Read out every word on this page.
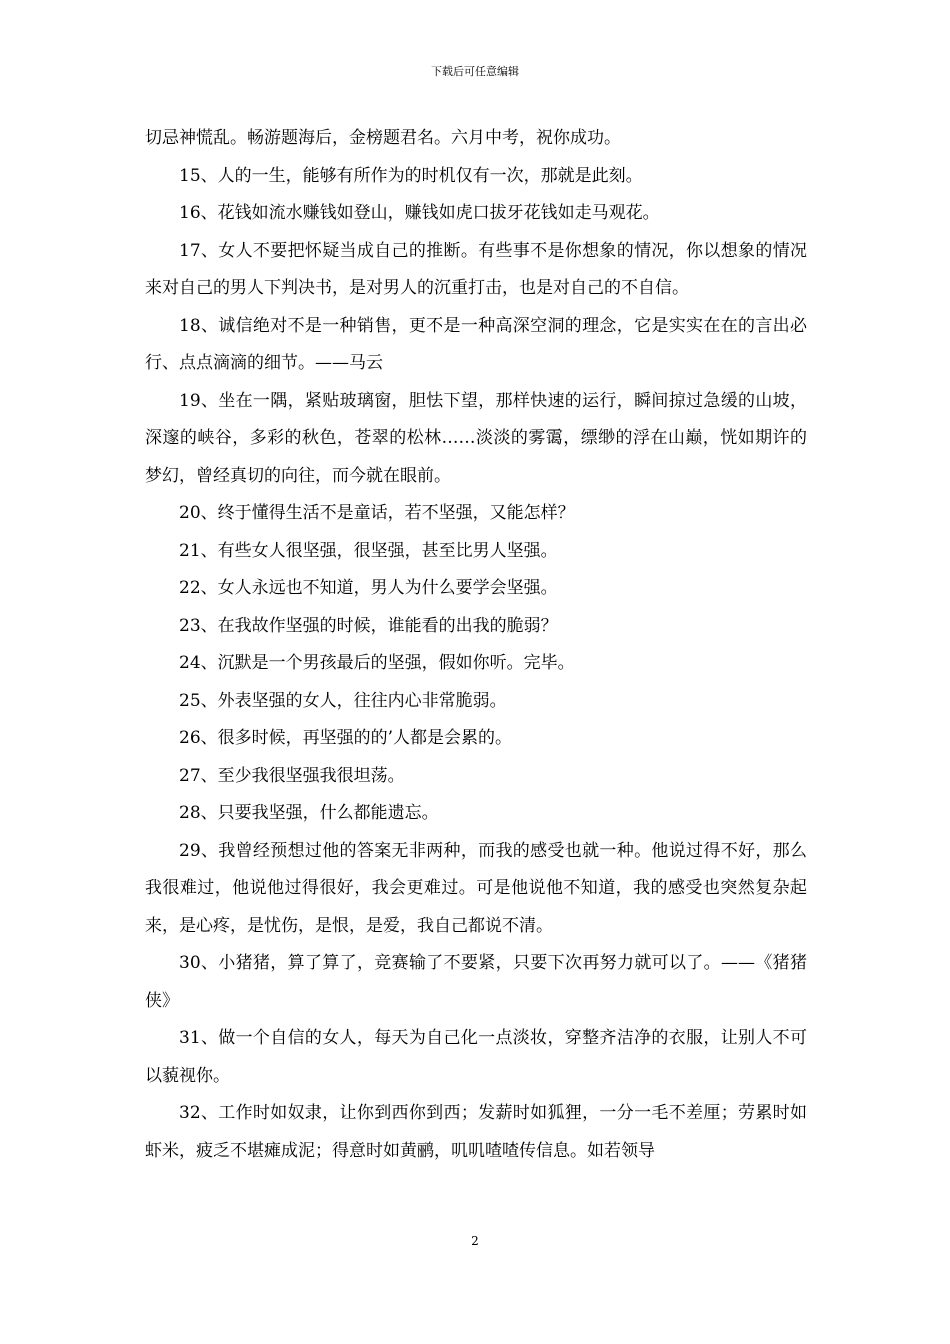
下载后可任意编辑

切忌神慌乱。畅游题海后，金榜题君名。六月中考，祝你成功。

15、人的一生，能够有所作为的时机仅有一次，那就是此刻。

16、花钱如流水赚钱如登山，赚钱如虎口拔牙花钱如走马观花。

17、女人不要把怀疑当成自己的推断。有些事不是你想象的情况，你以想象的情况来对自己的男人下判决书，是对男人的沉重打击，也是对自己的不自信。

18、诚信绝对不是一种销售，更不是一种高深空洞的理念，它是实实在在的言出必行、点点滴滴的细节。——马云

19、坐在一隅，紧贴玻璃窗，胆怯下望，那样快速的运行，瞬间掠过急缓的山坡，深邃的峡谷，多彩的秋色，苍翠的松林……淡淡的雾霭，缥缈的浮在山巅，恍如期许的梦幻，曾经真切的向往，而今就在眼前。

20、终于懂得生活不是童话，若不坚强，又能怎样？

21、有些女人很坚强，很坚强，甚至比男人坚强。

22、女人永远也不知道，男人为什么要学会坚强。

23、在我故作坚强的时候，谁能看的出我的脆弱？

24、沉默是一个男孩最后的坚强，假如你听。完毕。

25、外表坚强的女人，往往内心非常脆弱。

26、很多时候，再坚强的的’人都是会累的。

27、至少我很坚强我很坦荡。

28、只要我坚强，什么都能遗忘。

29、我曾经预想过他的答案无非两种，而我的感受也就一种。他说过得不好，那么我很难过，他说他过得很好，我会更难过。可是他说他不知道，我的感受也突然复杂起来，是心疼，是忧伤，是恨，是爱，我自己都说不清。

30、小猪猪，算了算了，竞赛输了不要紧，只要下次再努力就可以了。——《猪猪侠》

31、做一个自信的女人，每天为自己化一点淡妆，穿整齐洁净的衣服，让别人不可以藐视你。

32、工作时如奴隶，让你到西你到西；发薪时如狐狸，一分一毛不差厘；劳累时如虾米，疲乏不堪瘫成泥；得意时如黄鹂，叽叽喳喳传信息。如若领导

2
